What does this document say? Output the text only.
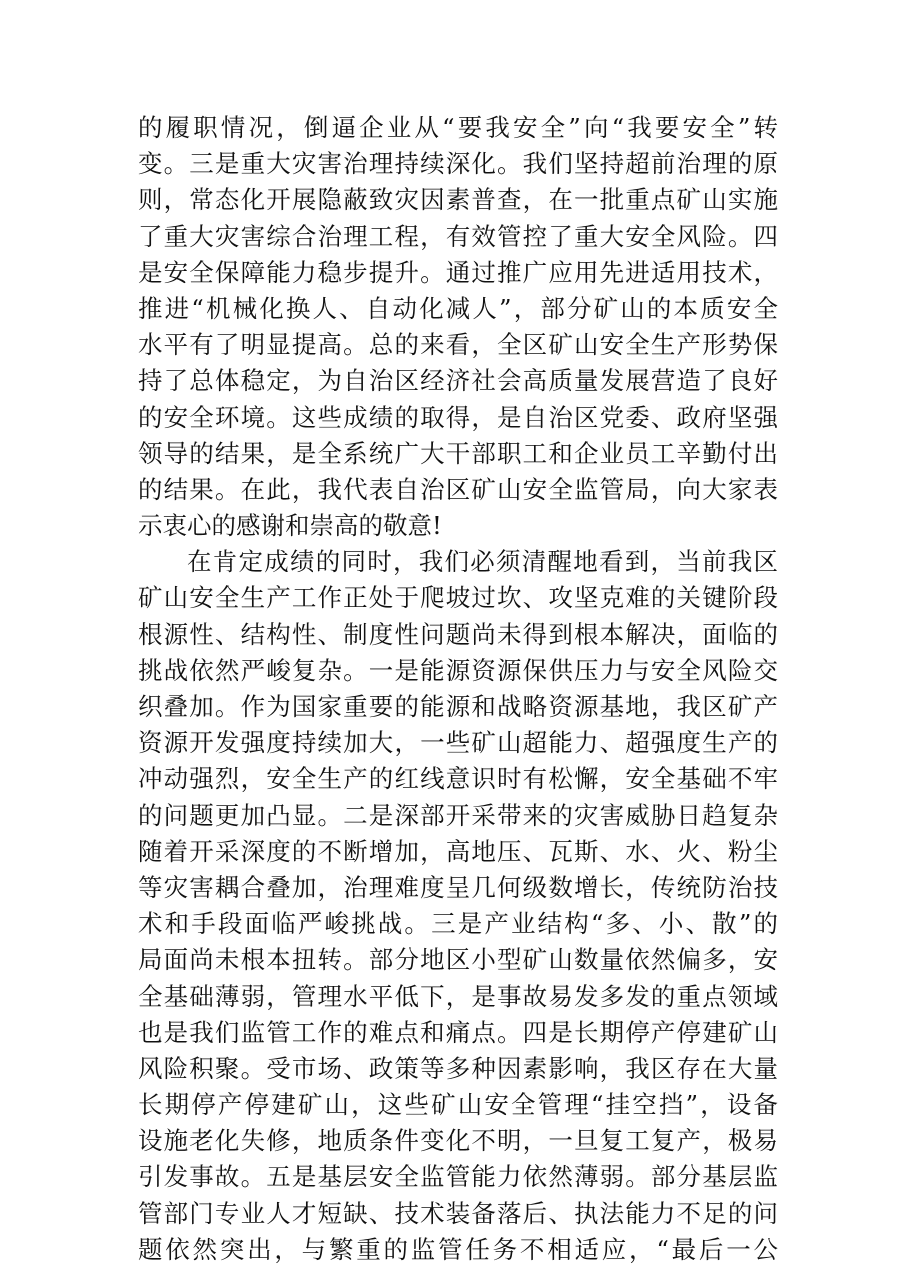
的履职情况，倒逼企业从“要我安全”向“我要安全”转
变。三是重大灾害治理持续深化。我们坚持超前治理的原
则，常态化开展隐蔽致灾因素普查，在一批重点矿山实施
了重大灾害综合治理工程，有效管控了重大安全风险。四
是安全保障能力稳步提升。通过推广应用先进适用技术，
推进“机械化换人、自动化减人”，部分矿山的本质安全
水平有了明显提高。总的来看，全区矿山安全生产形势保
持了总体稳定，为自治区经济社会高质量发展营造了良好
的安全环境。这些成绩的取得，是自治区党委、政府坚强
领导的结果，是全系统广大干部职工和企业员工辛勤付出
的结果。在此，我代表自治区矿山安全监管局，向大家表
示衷心的感谢和崇高的敬意!
在肯定成绩的同时，我们必须清醒地看到，当前我区
矿山安全生产工作正处于爬坡过坎、攻坚克难的关键阶段
根源性、结构性、制度性问题尚未得到根本解决，面临的
挑战依然严峻复杂。一是能源资源保供压力与安全风险交
织叠加。作为国家重要的能源和战略资源基地，我区矿产
资源开发强度持续加大，一些矿山超能力、超强度生产的
冲动强烈，安全生产的红线意识时有松懈，安全基础不牢
的问题更加凸显。二是深部开采带来的灾害威胁日趋复杂
随着开采深度的不断增加，高地压、瓦斯、水、火、粉尘
等灾害耦合叠加，治理难度呈几何级数增长，传统防治技
术和手段面临严峻挑战。三是产业结构“多、小、散”的
局面尚未根本扭转。部分地区小型矿山数量依然偏多，安
全基础薄弱，管理水平低下，是事故易发多发的重点领域
也是我们监管工作的难点和痛点。四是长期停产停建矿山
风险积聚。受市场、政策等多种因素影响，我区存在大量
长期停产停建矿山，这些矿山安全管理“挂空挡”，设备
设施老化失修，地质条件变化不明，一旦复工复产，极易
引发事故。五是基层安全监管能力依然薄弱。部分基层监
管部门专业人才短缺、技术装备落后、执法能力不足的问
题依然突出，与繁重的监管任务不相适应，“最后一公
